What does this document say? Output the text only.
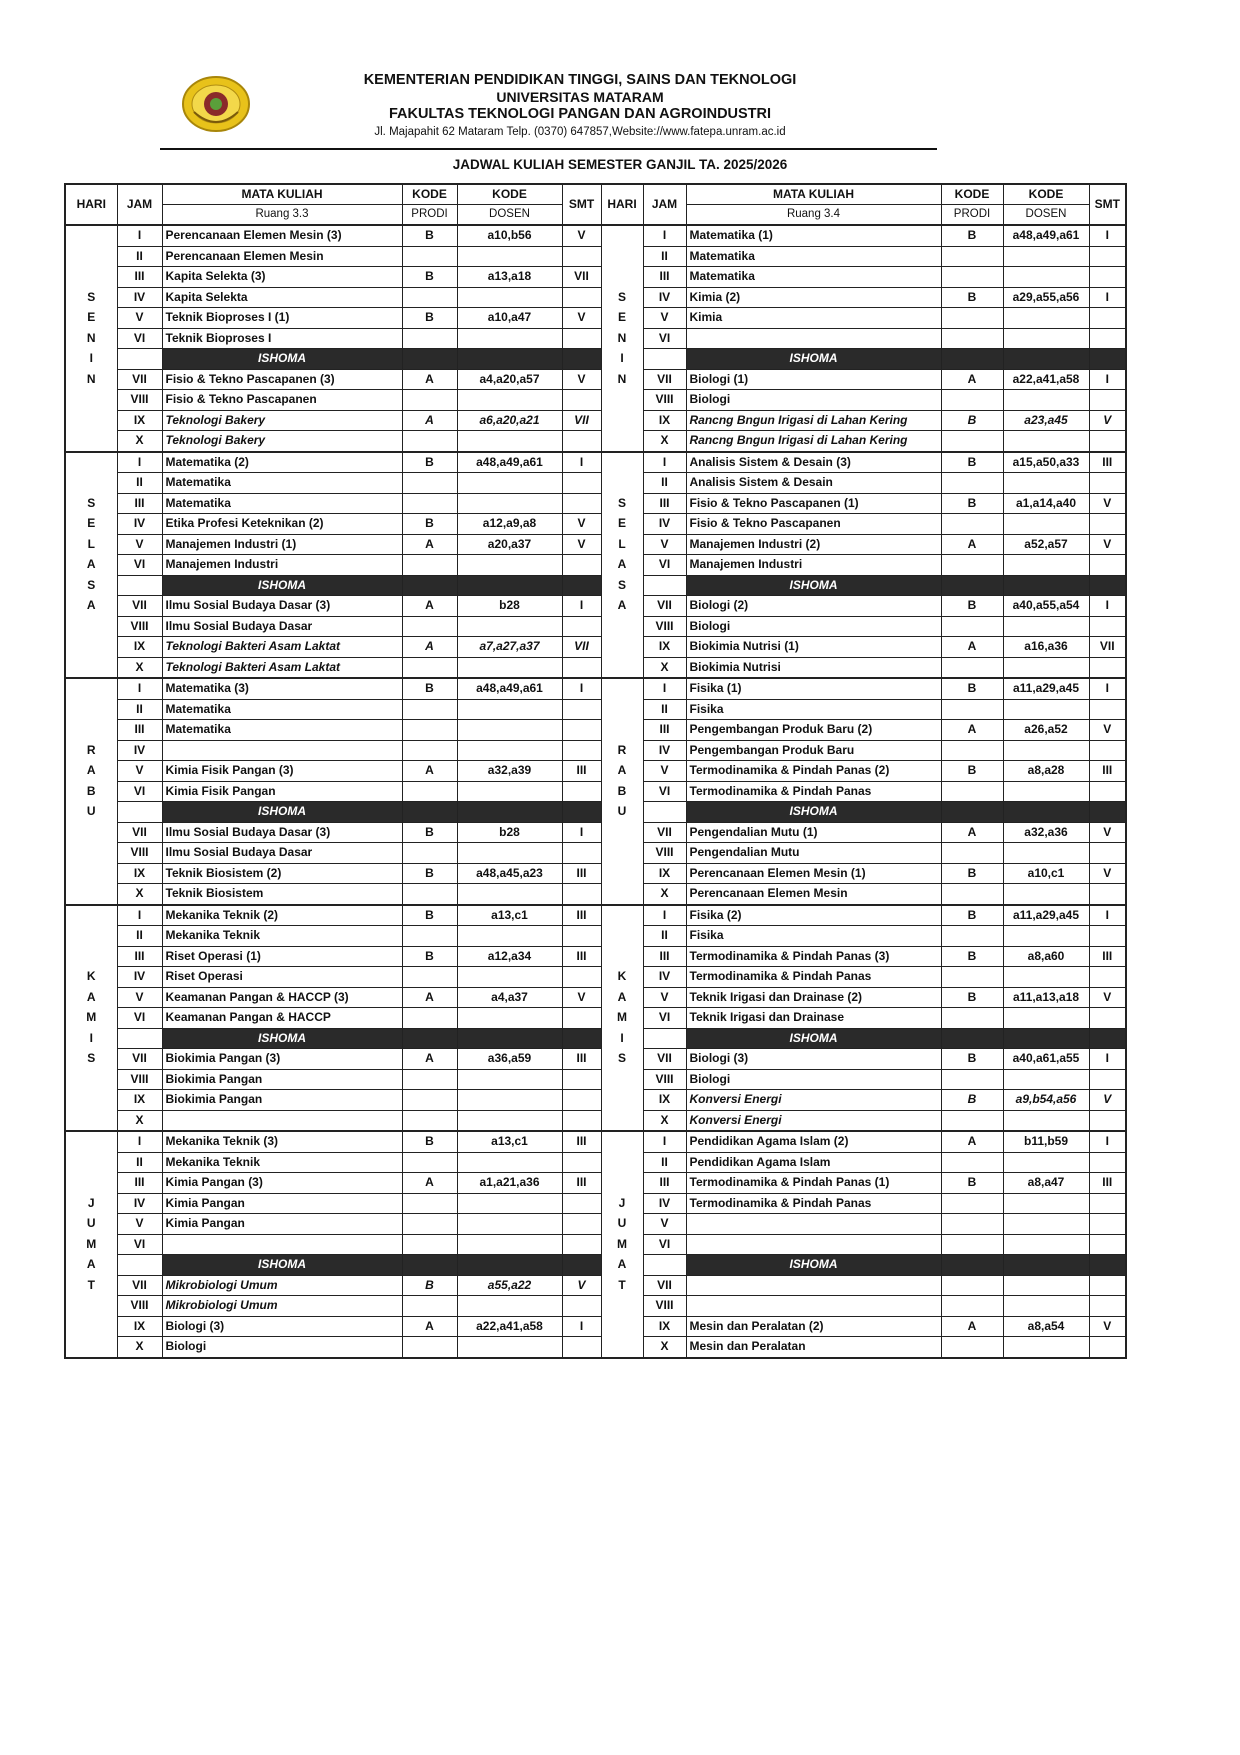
KEMENTERIAN PENDIDIKAN TINGGI, SAINS DAN TEKNOLOGI
UNIVERSITAS MATARAM
FAKULTAS TEKNOLOGI PANGAN DAN AGROINDUSTRI
Jl. Majapahit 62 Mataram Telp. (0370) 647857,Website://www.fatepa.unram.ac.id
JADWAL KULIAH SEMESTER GANJIL TA. 2025/2026
HARI	JAM	MATA KULIAH	KODE	KODE	SMT	HARI	JAM	MATA KULIAH	KODE	KODE	SMT
		Ruang 3.3	PRODI	DOSEN				Ruang 3.4	PRODI	DOSEN	
	I	Perencanaan Elemen Mesin (3)	B	a10,b56	V		I	Matematika (1)	B	a48,a49,a61	I
	II	Perencanaan Elemen Mesin					II	Matematika			
	III	Kapita Selekta (3)	B	a13,a18	VII		III	Matematika			
S	IV	Kapita Selekta				S	IV	Kimia (2)	B	a29,a55,a56	I
E	V	Teknik Bioproses I (1)	B	a10,a47	V	E	V	Kimia			
N	VI	Teknik Bioproses I				N	VI				
I		ISHOMA				I		ISHOMA			
N	VII	Fisio & Tekno Pascapanen (3)	A	a4,a20,a57	V	N	VII	Biologi (1)	A	a22,a41,a58	I
	VIII	Fisio & Tekno Pascapanen					VIII	Biologi			
	IX	Teknologi Bakery	A	a6,a20,a21	VII		IX	Rancng Bngun Irigasi di Lahan Kering	B	a23,a45	V
	X	Teknologi Bakery					X	Rancng Bngun Irigasi di Lahan Kering			
	I	Matematika (2)	B	a48,a49,a61	I		I	Analisis Sistem & Desain (3)	B	a15,a50,a33	III
	II	Matematika					II	Analisis Sistem & Desain			
S	III	Matematika				S	III	Fisio & Tekno Pascapanen (1)	B	a1,a14,a40	V
E	IV	Etika Profesi Keteknikan (2)	B	a12,a9,a8	V	E	IV	Fisio & Tekno Pascapanen			
L	V	Manajemen Industri (1)	A	a20,a37	V	L	V	Manajemen Industri (2)	A	a52,a57	V
A	VI	Manajemen Industri				A	VI	Manajemen Industri			
S		ISHOMA				S		ISHOMA			
A	VII	Ilmu Sosial Budaya Dasar (3)	A	b28	I	A	VII	Biologi (2)	B	a40,a55,a54	I
	VIII	Ilmu Sosial Budaya Dasar					VIII	Biologi			
	IX	Teknologi Bakteri Asam Laktat	A	a7,a27,a37	VII		IX	Biokimia Nutrisi (1)	A	a16,a36	VII
	X	Teknologi Bakteri Asam Laktat					X	Biokimia Nutrisi			
	I	Matematika (3)	B	a48,a49,a61	I		I	Fisika (1)	B	a11,a29,a45	I
	II	Matematika					II	Fisika			
	III	Matematika					III	Pengembangan Produk Baru (2)	A	a26,a52	V
R	IV					R	IV	Pengembangan Produk Baru			
A	V	Kimia Fisik Pangan (3)	A	a32,a39	III	A	V	Termodinamika & Pindah Panas (2)	B	a8,a28	III
B	VI	Kimia Fisik Pangan				B	VI	Termodinamika & Pindah Panas			
U		ISHOMA				U		ISHOMA			
	VII	Ilmu Sosial Budaya Dasar (3)	B	b28	I		VII	Pengendalian Mutu (1)	A	a32,a36	V
	VIII	Ilmu Sosial Budaya Dasar					VIII	Pengendalian Mutu			
	IX	Teknik Biosistem (2)	B	a48,a45,a23	III		IX	Perencanaan Elemen Mesin (1)	B	a10,c1	V
	X	Teknik Biosistem					X	Perencanaan Elemen Mesin			
	I	Mekanika Teknik (2)	B	a13,c1	III		I	Fisika (2)	B	a11,a29,a45	I
	II	Mekanika Teknik					II	Fisika			
	III	Riset Operasi (1)	B	a12,a34	III		III	Termodinamika & Pindah Panas (3)	B	a8,a60	III
K	IV	Riset Operasi				K	IV	Termodinamika & Pindah Panas			
A	V	Keamanan Pangan & HACCP (3)	A	a4,a37	V	A	V	Teknik Irigasi dan Drainase (2)	B	a11,a13,a18	V
M	VI	Keamanan Pangan & HACCP				M	VI	Teknik Irigasi dan Drainase			
I		ISHOMA				I		ISHOMA			
S	VII	Biokimia Pangan (3)	A	a36,a59	III	S	VII	Biologi (3)	B	a40,a61,a55	I
	VIII	Biokimia Pangan					VIII	Biologi			
	IX	Biokimia Pangan					IX	Konversi Energi	B	a9,b54,a56	V
	X						X	Konversi Energi			
	I	Mekanika Teknik (3)	B	a13,c1	III		I	Pendidikan Agama Islam (2)	A	b11,b59	I
	II	Mekanika Teknik					II	Pendidikan Agama Islam			
	III	Kimia Pangan (3)	A	a1,a21,a36	III		III	Termodinamika & Pindah Panas (1)	B	a8,a47	III
J	IV	Kimia Pangan				J	IV	Termodinamika & Pindah Panas			
U	V	Kimia Pangan				U	V				
M	VI					M	VI				
A		ISHOMA				A		ISHOMA			
T	VII	Mikrobiologi Umum	B	a55,a22	V	T	VII				
	VIII	Mikrobiologi Umum					VIII				
	IX	Biologi (3)	A	a22,a41,a58	I		IX	Mesin dan Peralatan (2)	A	a8,a54	V
	X	Biologi					X	Mesin dan Peralatan			
